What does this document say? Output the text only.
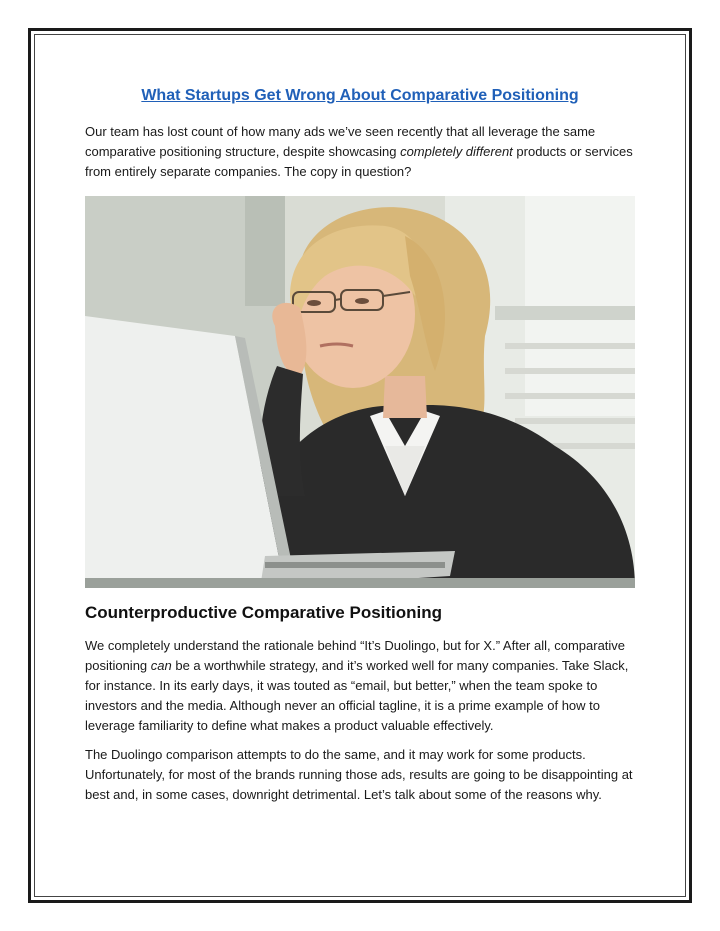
What Startups Get Wrong About Comparative Positioning

Our team has lost count of how many ads we’ve seen recently that all leverage the same comparative positioning structure, despite showcasing completely different products or services from entirely separate companies. The copy in question?

Counterproductive Comparative Positioning

We completely understand the rationale behind “It’s Duolingo, but for X.” After all, comparative positioning can be a worthwhile strategy, and it’s worked well for many companies. Take Slack, for instance. In its early days, it was touted as “email, but better,” when the team spoke to investors and the media. Although never an official tagline, it is a prime example of how to leverage familiarity to define what makes a product valuable effectively.

The Duolingo comparison attempts to do the same, and it may work for some products. Unfortunately, for most of the brands running those ads, results are going to be disappointing at best and, in some cases, downright detrimental. Let’s talk about some of the reasons why.
